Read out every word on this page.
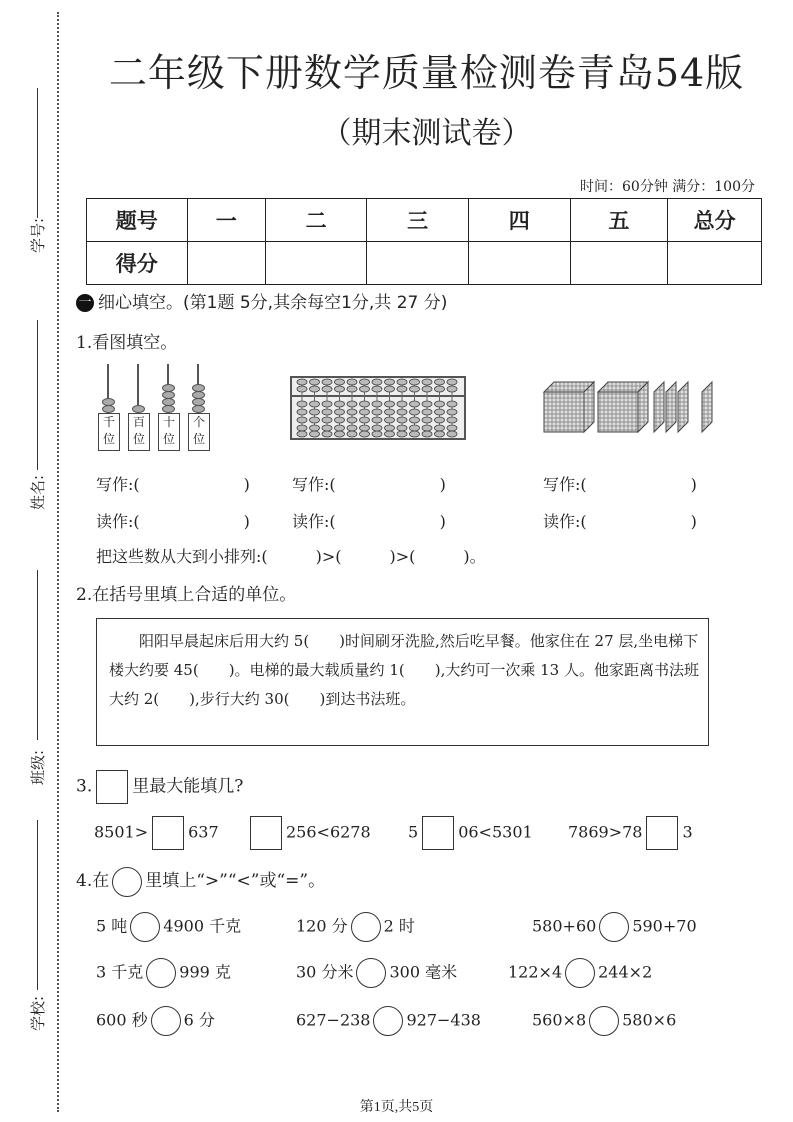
学号:
姓名:
班级:
学校:
二年级下册数学质量检测卷青岛54版
（期末测试卷）
时间：60分钟 满分：100分
题号	一	二	三	四	五	总分
得分						
一 细心填空。(第1题 5分,其余每空1分,共 27 分)
1.看图填空。
千位
百位
十位
个位
写作:(	)	写作:(	)	写作:(	)
读作:(	)	读作:(	)	读作:(	)
把这些数从大到小排列:(　　　)>(　　　)>(　　　)。
2.在括号里填上合适的单位。
　　阳阳早晨起床后用大约 5(　　)时间刷牙洗脸,然后吃早餐。他家住在 27 层,坐电梯下楼大约要 45(　　)。电梯的最大载质量约 1(　　),大约可一次乘 13 人。他家距离书法班大约 2(　　),步行大约 30(　　)到达书法班。
3. 里最大能填几?
8501>	637	256<6278 5	06<5301 7869>78	3
4.在 里填上“>”“<”或“=”。
5 吨 4900 千克	120 分 2 时	580+60 590+70
3 千克 999 克	30 分米 300 毫米	122×4 244×2
600 秒 6 分	627−238 927−438	560×8 580×6
第1页,共5页
